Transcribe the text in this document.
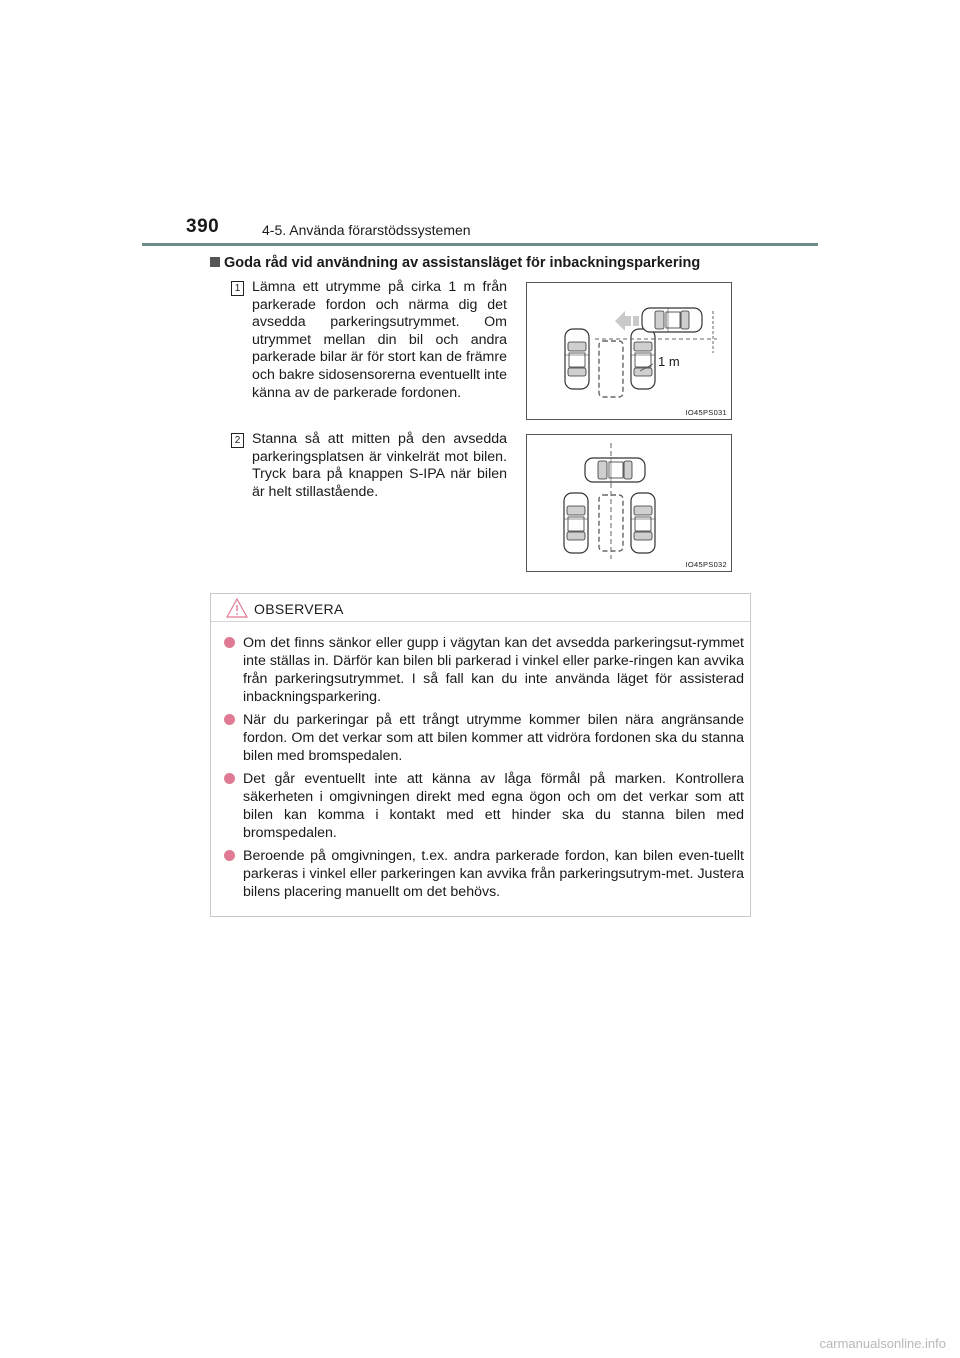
390	4-5. Använda förarstödssystemen
Goda råd vid användning av assistansläget för inbackningsparkering
1 Lämna ett utrymme på cirka 1 m från parkerade fordon och närma dig det avsedda parkeringsutrymmet. Om utrymmet mellan din bil och andra parkerade bilar är för stort kan de främre och bakre sidosensorerna eventuellt inte känna av de parkerade fordonen.
1 m
IO45PS031
2 Stanna så att mitten på den avsedda parkeringsplatsen är vinkelrät mot bilen. Tryck bara på knappen S-IPA när bilen är helt stillastående.
IO45PS032
OBSERVERA
Om det finns sänkor eller gupp i vägytan kan det avsedda parkeringsut-rymmet inte ställas in. Därför kan bilen bli parkerad i vinkel eller parke-ringen kan avvika från parkeringsutrymmet. I så fall kan du inte använda läget för assisterad inbackningsparkering.
När du parkeringar på ett trångt utrymme kommer bilen nära angränsande fordon. Om det verkar som att bilen kommer att vidröra fordonen ska du stanna bilen med bromspedalen.
Det går eventuellt inte att känna av låga förmål på marken. Kontrollera säkerheten i omgivningen direkt med egna ögon och om det verkar som att bilen kan komma i kontakt med ett hinder ska du stanna bilen med bromspedalen.
Beroende på omgivningen, t.ex. andra parkerade fordon, kan bilen even-tuellt parkeras i vinkel eller parkeringen kan avvika från parkeringsutrym-met. Justera bilens placering manuellt om det behövs.
carmanualsonline.info
